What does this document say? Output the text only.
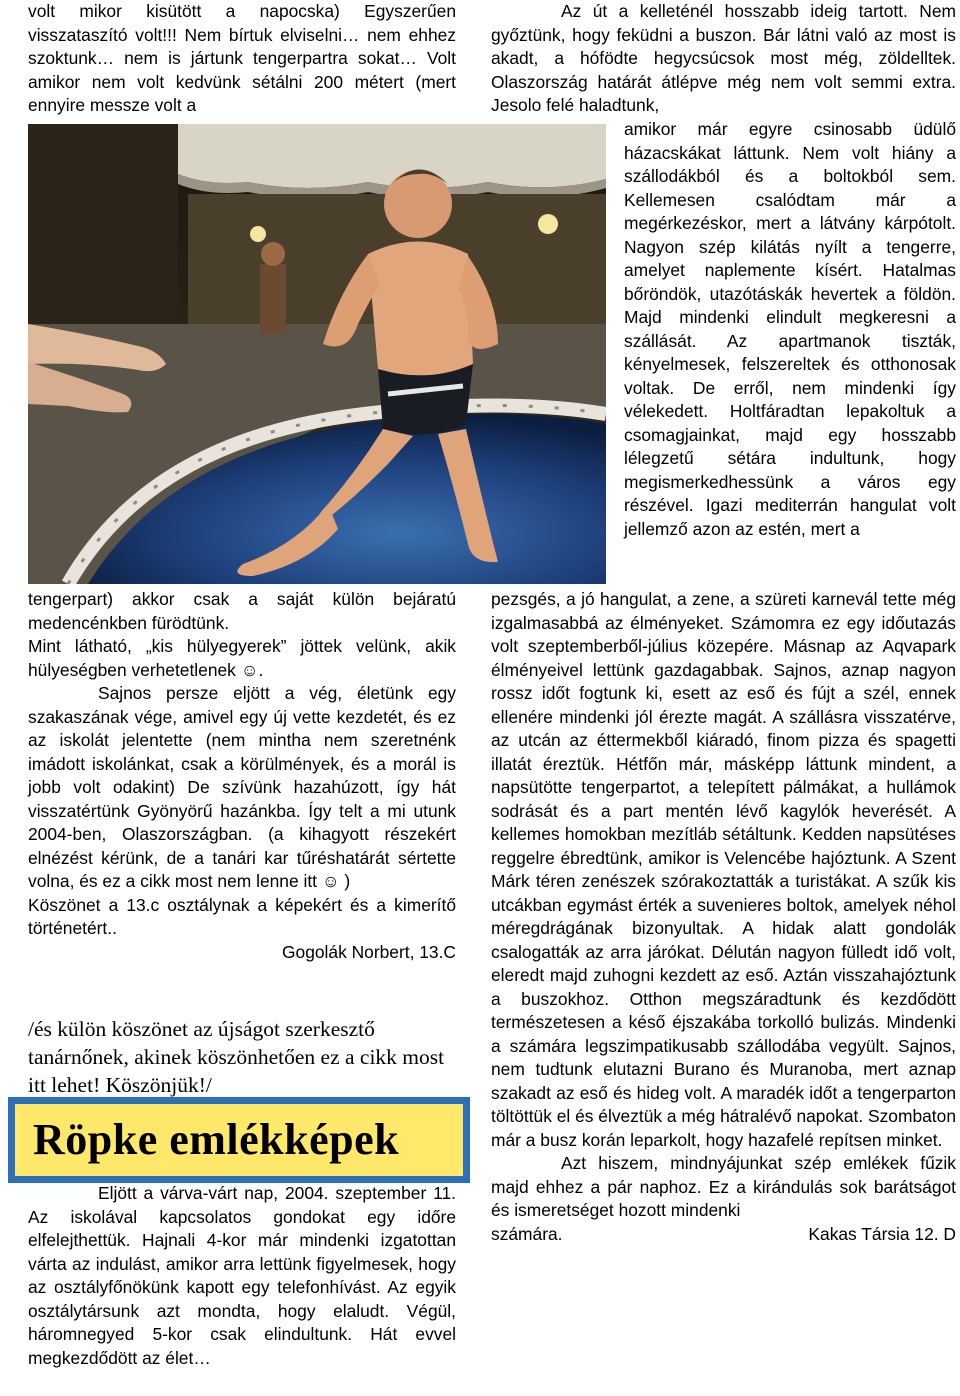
volt mikor kisütött a napocska) Egyszerűen visszataszító volt!!! Nem bírtuk elviselni… nem ehhez szoktunk… nem is jártunk tengerpartra sokat… Volt amikor nem volt kedvünk sétálni 200 métert (mert ennyire messze volt a

tengerpart) akkor csak a saját külön bejáratú medencénkben fürödtünk.

Mint látható, „kis hülyegyerek” jöttek velünk, akik hülyeségben verhetetlenek ☺.

Sajnos persze eljött a vég, életünk egy szakaszának vége, amivel egy új vette kezdetét, és ez az iskolát jelentette (nem mintha nem szeretnénk imádott iskolánkat, csak a körülmények, és a morál is jobb volt odakint) De szívünk hazahúzott, így hát visszatértünk Gyönyörű hazánkba. Így telt a mi utunk 2004-ben, Olaszországban. (a kihagyott részekért elnézést kérünk, de a tanári kar tűréshatárát sértette volna, és ez a cikk most nem lenne itt ☺ )

Köszönet a 13.c osztálynak a képekért és a kimerítő történetért..

Gogolák Norbert, 13.C

/és külön köszönet az újságot szerkesztő tanárnőnek, akinek köszönhetően ez a cikk most itt lehet! Köszönjük!/
Röpke emlékképek

Eljött a várva-várt nap, 2004. szeptember 11. Az iskolával kapcsolatos gondokat egy időre elfelejthettük. Hajnali 4-kor már mindenki izgatottan várta az indulást, amikor arra lettünk figyelmesek, hogy az osztályfőnökünk kapott egy telefonhívást. Az egyik osztálytársunk azt mondta, hogy elaludt. Végül, háromnegyed 5-kor csak elindultunk. Hát evvel megkezdődött az élet…

Az út a kelleténél hosszabb ideig tartott. Nem győztünk, hogy feküdni a buszon. Bár látni való az most is akadt, a hófödte hegycsúcsok most még, zöldelltek. Olaszország határát átlépve még nem volt semmi extra. Jesolo felé haladtunk,

amikor már egyre csinosabb üdülő házacskákat láttunk. Nem volt hiány a szállodákból és a boltokból sem. Kellemesen csalódtam már a megérkezéskor, mert a látvány kárpótolt. Nagyon szép kilátás nyílt a tengerre, amelyet naplemente kísért. Hatalmas bőröndök, utazótáskák hevertek a földön. Majd mindenki elindult megkeresni a szállását. Az apartmanok tiszták, kényelmesek, felszereltek és otthonosak voltak. De erről, nem mindenki így vélekedett. Holtfáradtan lepakoltuk a csomagjainkat, majd egy hosszabb lélegzetű sétára indultunk, hogy megismerkedhessünk a város egy részével. Igazi mediterrán hangulat volt jellemző azon az estén, mert a

pezsgés, a jó hangulat, a zene, a szüreti karnevál tette még izgalmasabbá az élményeket. Számomra ez egy időutazás volt szeptemberből-július közepére. Másnap az Aqvapark élményeivel lettünk gazdagabbak. Sajnos, aznap nagyon rossz időt fogtunk ki, esett az eső és fújt a szél, ennek ellenére mindenki jól érezte magát. A szállásra visszatérve, az utcán az éttermekből kiáradó, finom pizza és spagetti illatát éreztük. Hétfőn már, másképp láttunk mindent, a napsütötte tengerpartot, a telepített pálmákat, a hullámok sodrását és a part mentén lévő kagylók heverését. A kellemes homokban mezítláb sétáltunk. Kedden napsütéses reggelre ébredtünk, amikor is Velencébe hajóztunk. A Szent Márk téren zenészek szórakoztatták a turistákat. A szűk kis utcákban egymást érték a suvenieres boltok, amelyek néhol méregdrágának bizonyultak. A hidak alatt gondolák csalogatták az arra járókat. Délután nagyon fülledt idő volt, eleredt majd zuhogni kezdett az eső. Aztán visszahajóztunk a buszokhoz. Otthon megszáradtunk és kezdődött természetesen a késő éjszakába torkolló bulizás. Mindenki a számára legszimpatikusabb szállodába vegyült. Sajnos, nem tudtunk elutazni Burano és Muranoba, mert aznap szakadt az eső és hideg volt. A maradék időt a tengerparton töltöttük el és élveztük a még hátralévő napokat. Szombaton már a busz korán leparkolt, hogy hazafelé repítsen minket.

Azt hiszem, mindnyájunkat szép emlékek fűzik majd ehhez a pár naphoz. Ez a kirándulás sok barátságot és ismeretséget hozott mindenki

számára.	Kakas Társia 12. D
